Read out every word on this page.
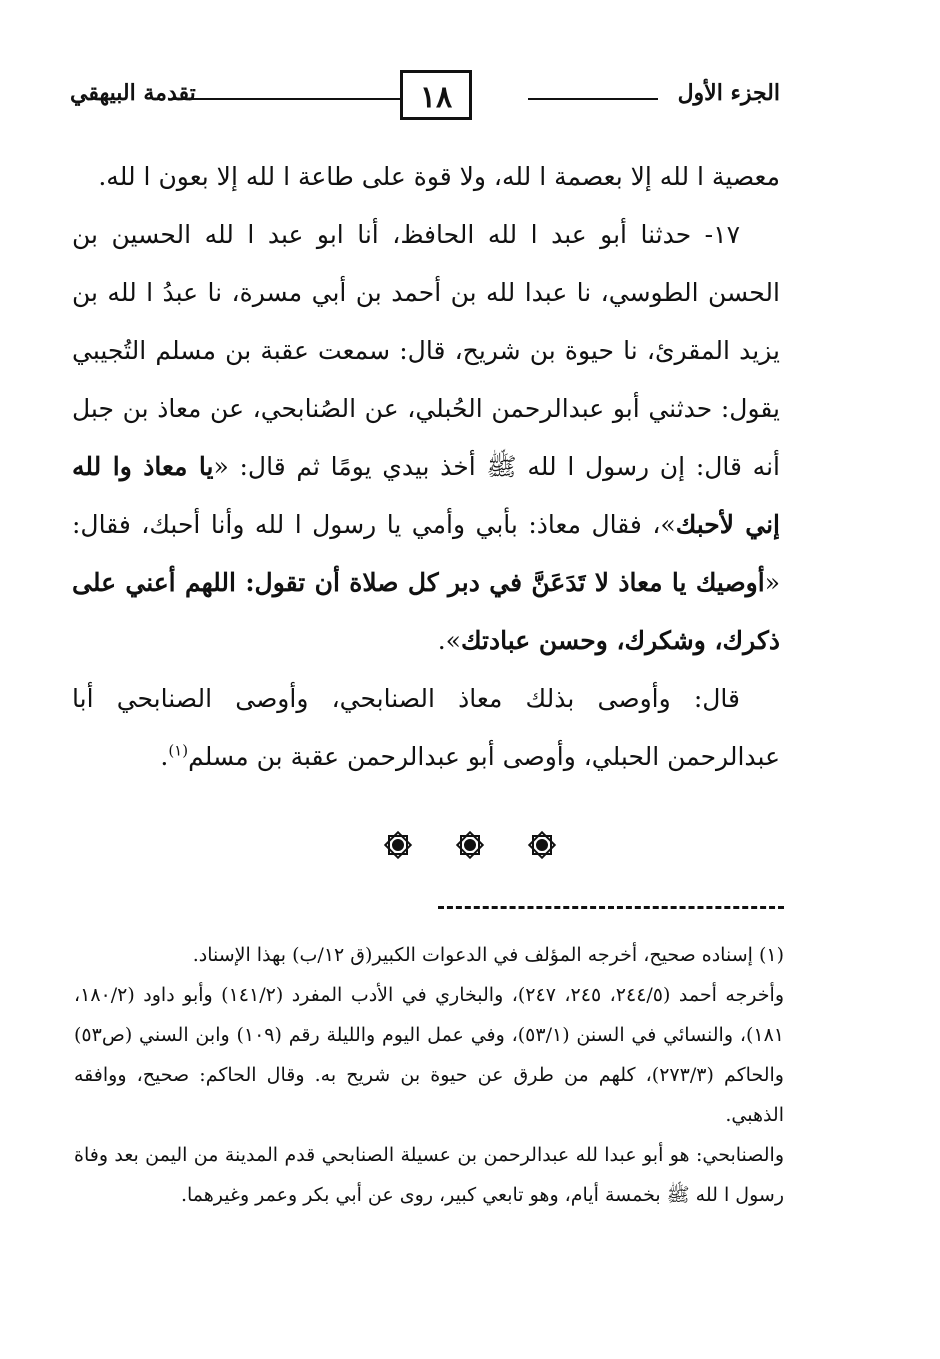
تقدمة البيهقي	١٨	الجزء الأول

معصية ا لله إلا بعصمة ا لله، ولا قوة على طاعة ا لله إلا بعون ا لله.

١٧- حدثنا أبو عبد ا لله الحافظ، أنا ابو عبد ا لله الحسين بن الحسن الطوسي، نا عبدا لله بن أحمد بن أبي مسرة، نا عبدُ ا لله بن يزيد المقرئ، نا حيوة بن شريح، قال: سمعت عقبة بن مسلم التُجيبي يقول: حدثني أبو عبدالرحمن الحُبلي، عن الصُنابحي، عن معاذ بن جبل أنه قال: إن رسول ا لله ﷺ أخذ بيدي يومًا ثم قال: «يا معاذ وا لله إني لأحبك»، فقال معاذ: بأبي وأمي يا رسول ا لله وأنا أحبك، فقال: «أوصيك يا معاذ لا تَدَعَنَّ في دبر كل صلاة أن تقول: اللهم أعني على ذكرك، وشكرك، وحسن عبادتك».

قال: وأوصى بذلك معاذ الصنابحي، وأوصى الصنابحي أبا عبدالرحمن الحبلي، وأوصى أبو عبدالرحمن عقبة بن مسلم$^{(١)}$.

(١) إسناده صحيح، أخرجه المؤلف في الدعوات الكبير(ق ١٢/ب) بهذا الإسناد.

وأخرجه أحمد (٢٤٤/٥، ٢٤٥، ٢٤٧)، والبخاري في الأدب المفرد (١٤١/٢) وأبو داود (١٨٠/٢، ١٨١)، والنسائي في السنن (٥٣/١)، وفي عمل اليوم والليلة رقم (١٠٩) وابن السني (ص٥٣) والحاكم (٢٧٣/٣)، كلهم من طرق عن حيوة بن شريح به. وقال الحاكم: صحيح، ووافقه الذهبي.

والصنابحي: هو أبو عبدا لله عبدالرحمن بن عسيلة الصنابحي قدم المدينة من اليمن بعد وفاة رسول ا لله ﷺ بخمسة أيام، وهو تابعي كبير، روى عن أبي بكر وعمر وغيرهما.
